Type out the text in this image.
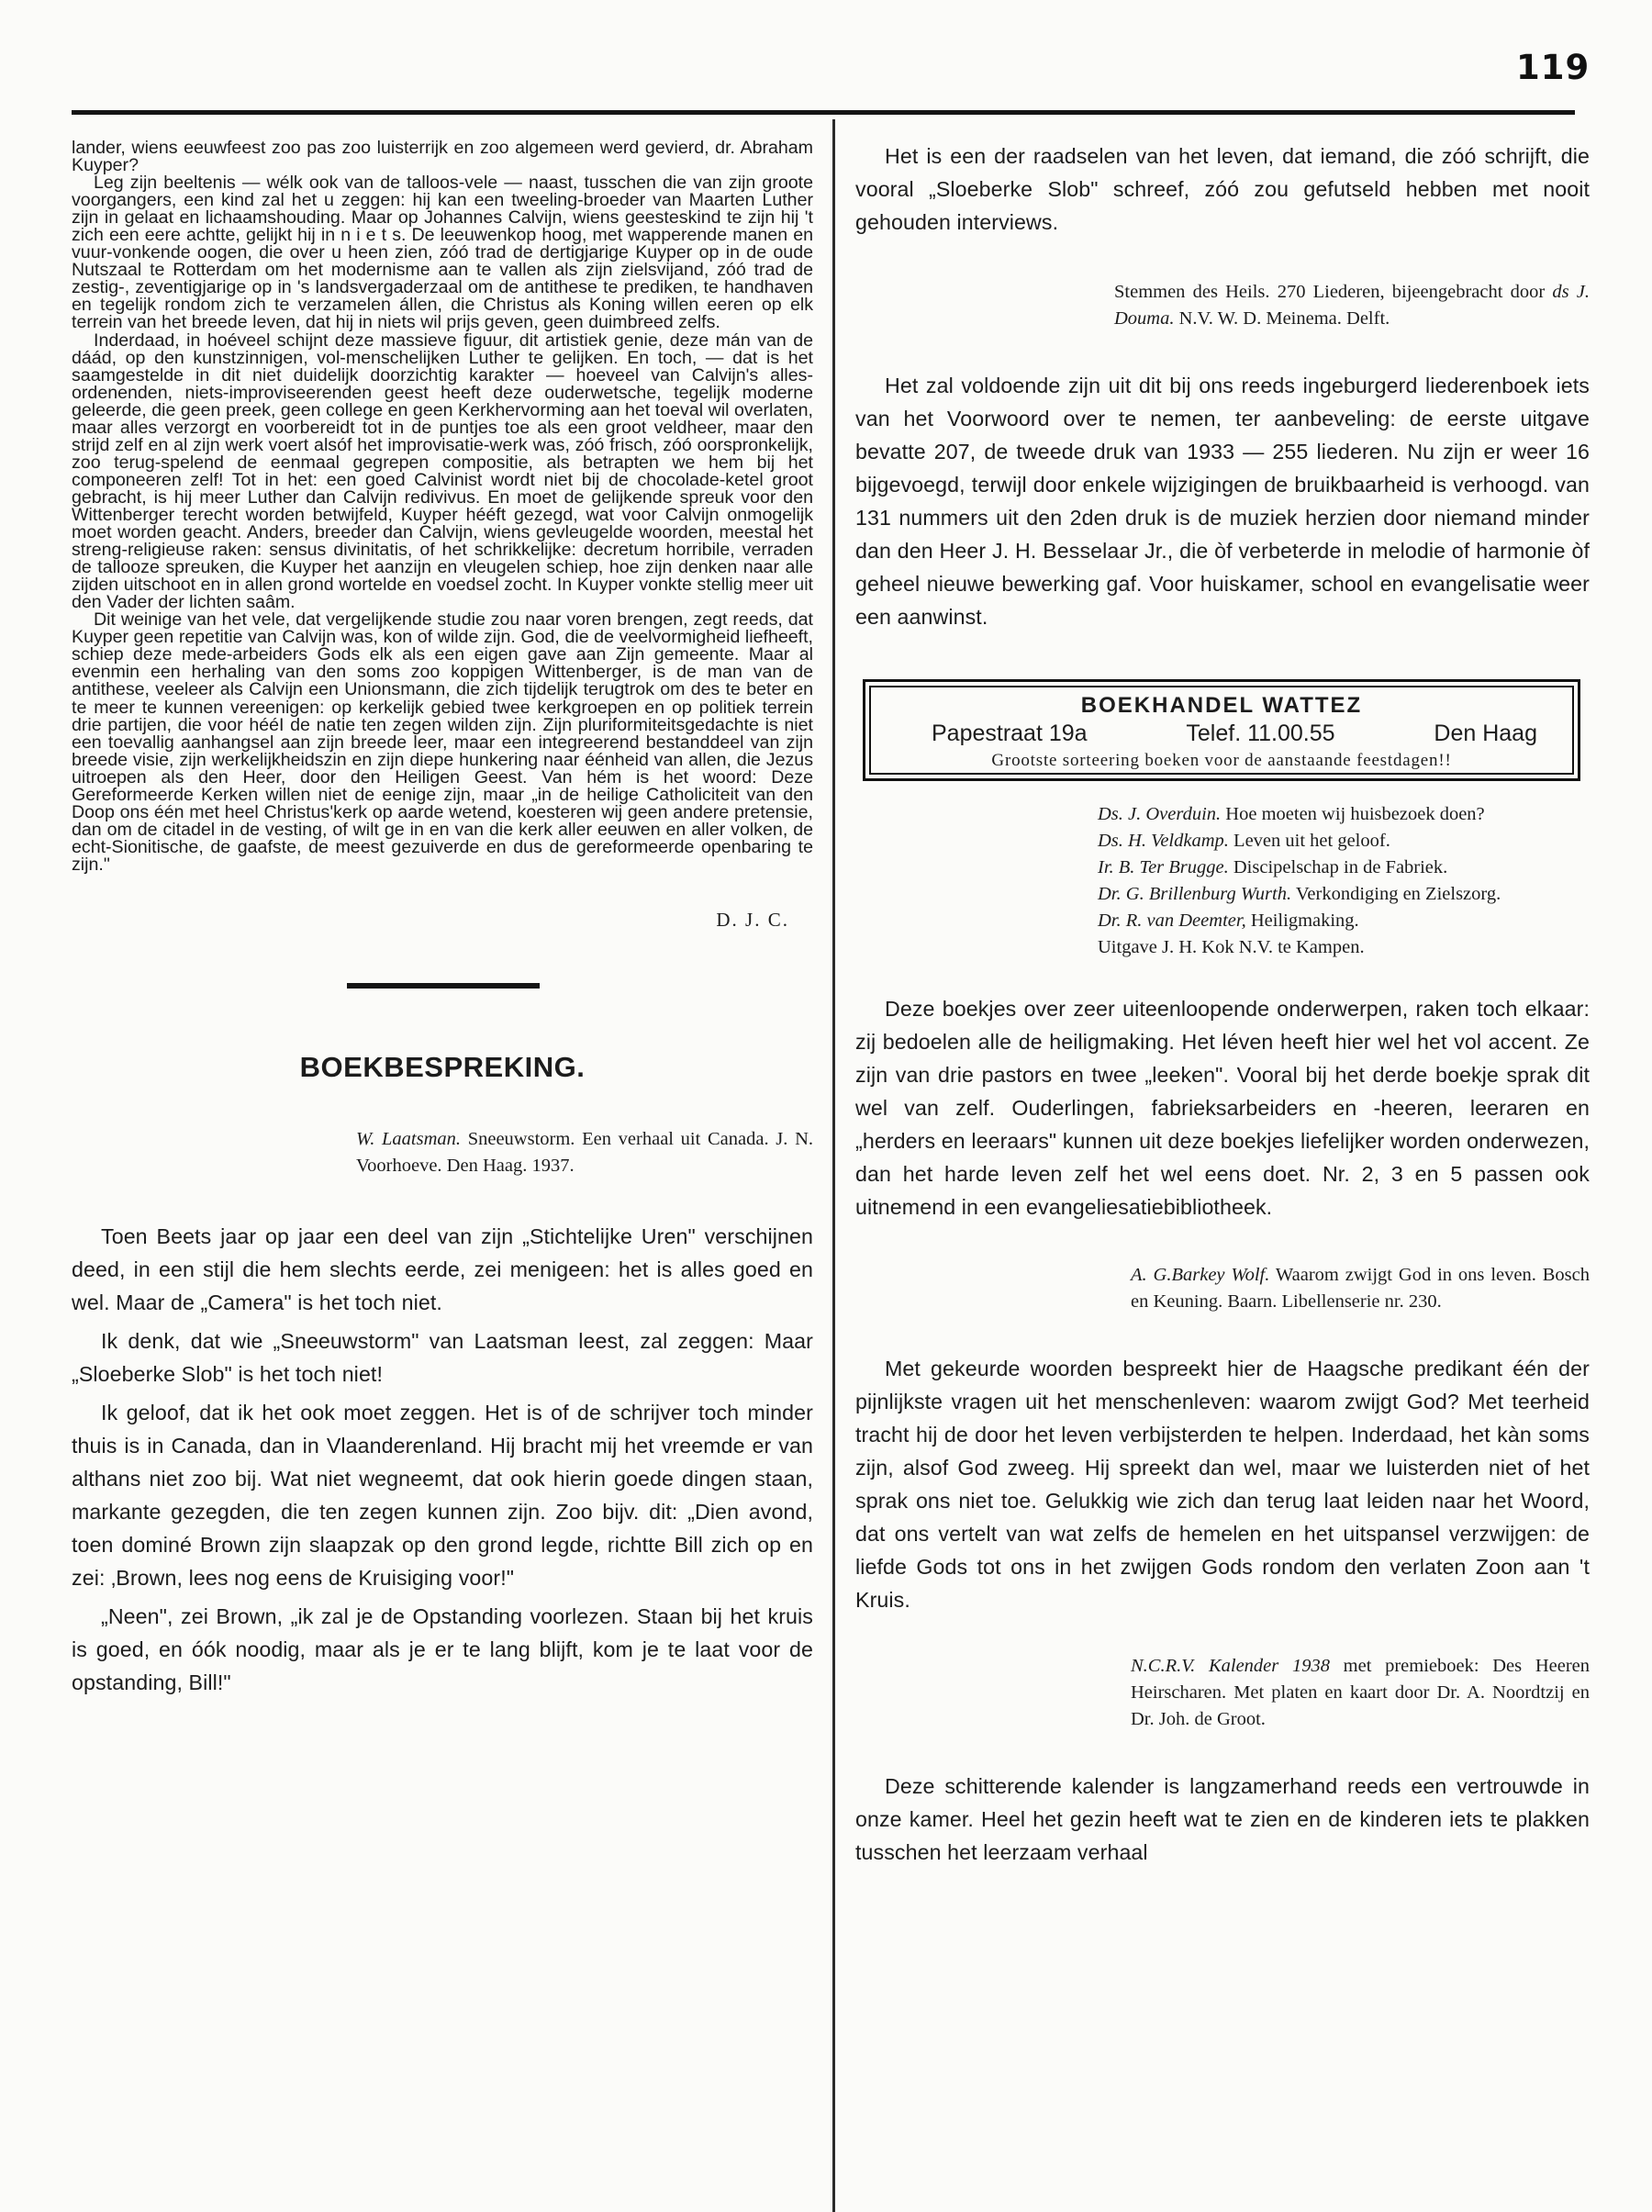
119

lander, wiens eeuwfeest zoo pas zoo luisterrijk en zoo algemeen werd gevierd, dr. Abraham Kuyper?

Leg zijn beeltenis — wélk ook van de talloos-vele — naast, tusschen die van zijn groote voorgangers, een kind zal het u zeggen: hij kan een tweeling-broeder van Maarten Luther zijn in gelaat en lichaamshouding. Maar op Johannes Calvijn, wiens geesteskind te zijn hij 't zich een eere achtte, gelijkt hij in n i e t s. De leeuwenkop hoog, met wapperende manen en vuur-vonkende oogen, die over u heen zien, zóó trad de dertigjarige Kuyper op in de oude Nutszaal te Rotterdam om het modernisme aan te vallen als zijn zielsvijand, zóó trad de zestig-, zeventigjarige op in 's landsvergaderzaal om de antithese te prediken, te handhaven en tegelijk rondom zich te verzamelen állen, die Christus als Koning willen eeren op elk terrein van het breede leven, dat hij in niets wil prijs geven, geen duimbreed zelfs.

Inderdaad, in hoéveel schijnt deze massieve figuur, dit artistiek genie, deze mán van de dáád, op den kunstzinnigen, vol-menschelijken Luther te gelijken. En toch, — dat is het saamgestelde in dit niet duidelijk doorzichtig karakter — hoeveel van Calvijn's alles-ordenenden, niets-improviseerenden geest heeft deze ouderwetsche, tegelijk moderne geleerde, die geen preek, geen college en geen Kerkhervorming aan het toeval wil overlaten, maar alles verzorgt en voorbereidt tot in de puntjes toe als een groot veldheer, maar den strijd zelf en al zijn werk voert alsóf het improvisatie-werk was, zóó frisch, zóó oorspronkelijk, zoo terug-spelend de eenmaal gegrepen compositie, als betrapten we hem bij het componeeren zelf! Tot in het: een goed Calvinist wordt niet bij de chocolade-ketel groot gebracht, is hij meer Luther dan Calvijn redivivus. En moet de gelijkende spreuk voor den Wittenberger terecht worden betwijfeld, Kuyper hééft gezegd, wat voor Calvijn onmogelijk moet worden geacht. Anders, breeder dan Calvijn, wiens gevleugelde woorden, meestal het streng-religieuse raken: sensus divinitatis, of het schrikkelijke: decretum horribile, verraden de tallooze spreuken, die Kuyper het aanzijn en vleugelen schiep, hoe zijn denken naar alle zijden uitschoot en in allen grond wortelde en voedsel zocht. In Kuyper vonkte stellig meer uit den Vader der lichten saâm.

Dit weinige van het vele, dat vergelijkende studie zou naar voren brengen, zegt reeds, dat Kuyper geen repetitie van Calvijn was, kon of wilde zijn. God, die de veelvormigheid liefheeft, schiep deze mede-arbeiders Gods elk als een eigen gave aan Zijn gemeente. Maar al evenmin een herhaling van den soms zoo koppigen Wittenberger, is de man van de antithese, veeleer als Calvijn een Unionsmann, die zich tijdelijk terugtrok om des te beter en te meer te kunnen vereenigen: op kerkelijk gebied twee kerkgroepen en op politiek terrein drie partijen, die voor hééI de natie ten zegen wilden zijn. Zijn pluriformiteitsgedachte is niet een toevallig aanhangsel aan zijn breede leer, maar een integreerend bestanddeel van zijn breede visie, zijn werkelijkheidszin en zijn diepe hunkering naar éénheid van allen, die Jezus uitroepen als den Heer, door den Heiligen Geest. Van hém is het woord: Deze Gereformeerde Kerken willen niet de eenige zijn, maar „in de heilige Catholiciteit van den Doop ons één met heel Christus'kerk op aarde wetend, koesteren wij geen andere pretensie, dan om de citadel in de vesting, of wilt ge in en van die kerk aller eeuwen en aller volken, de echt-Sionitische, de gaafste, de meest gezuiverde en dus de gereformeerde openbaring te zijn."

D. J. C.
BOEKBESPREKING.

W. Laatsman. Sneeuwstorm. Een verhaal uit Canada. J. N. Voorhoeve. Den Haag. 1937.

Toen Beets jaar op jaar een deel van zijn „Stichtelijke Uren" verschijnen deed, in een stijl die hem slechts eerde, zei menigeen: het is alles goed en wel. Maar de „Camera" is het toch niet.

Ik denk, dat wie „Sneeuwstorm" van Laatsman leest, zal zeggen: Maar „Sloeberke Slob" is het toch niet!

Ik geloof, dat ik het ook moet zeggen. Het is of de schrijver toch minder thuis is in Canada, dan in Vlaanderenland. Hij bracht mij het vreemde er van althans niet zoo bij. Wat niet wegneemt, dat ook hierin goede dingen staan, markante gezegden, die ten zegen kunnen zijn. Zoo bijv. dit: „Dien avond, toen dominé Brown zijn slaapzak op den grond legde, richtte Bill zich op en zei: ‚Brown, lees nog eens de Kruisiging voor!"

„Neen", zei Brown, „ik zal je de Opstanding voorlezen. Staan bij het kruis is goed, en óók noodig, maar als je er te lang blijft, kom je te laat voor de opstanding, Bill!"

Het is een der raadselen van het leven, dat iemand, die zóó schrijft, die vooral „Sloeberke Slob" schreef, zóó zou gefutseld hebben met nooit gehouden interviews.

Stemmen des Heils. 270 Liederen, bijeengebracht door ds J. Douma. N.V. W. D. Meinema. Delft.

Het zal voldoende zijn uit dit bij ons reeds ingeburgerd liederenboek iets van het Voorwoord over te nemen, ter aanbeveling: de eerste uitgave bevatte 207, de tweede druk van 1933 — 255 liederen. Nu zijn er weer 16 bijgevoegd, terwijl door enkele wijzigingen de bruikbaarheid is verhoogd. van 131 nummers uit den 2den druk is de muziek herzien door niemand minder dan den Heer J. H. Besselaar Jr., die òf verbeterde in melodie of harmonie òf geheel nieuwe bewerking gaf. Voor huiskamer, school en evangelisatie weer een aanwinst.

BOEKHANDEL WATTEZ
Papestraat 19a	Telef. 11.00.55	Den Haag
Grootste sorteering boeken voor de aanstaande feestdagen!!

Ds. J. Overduin. Hoe moeten wij huisbezoek doen?

Ds. H. Veldkamp. Leven uit het geloof.

Ir. B. Ter Brugge. Discipelschap in de Fabriek.

Dr. G. Brillenburg Wurth. Verkondiging en Zielszorg.

Dr. R. van Deemter, Heiligmaking.

Uitgave J. H. Kok N.V. te Kampen.

Deze boekjes over zeer uiteenloopende onderwerpen, raken toch elkaar: zij bedoelen alle de heiligmaking. Het léven heeft hier wel het vol accent. Ze zijn van drie pastors en twee „leeken". Vooral bij het derde boekje sprak dit wel van zelf. Ouderlingen, fabrieksarbeiders en -heeren, leeraren en „herders en leeraars" kunnen uit deze boekjes liefelijker worden onderwezen, dan het harde leven zelf het wel eens doet. Nr. 2, 3 en 5 passen ook uitnemend in een evangeliesatiebibliotheek.

A. G.Barkey Wolf. Waarom zwijgt God in ons leven. Bosch en Keuning. Baarn. Libellenserie nr. 230.

Met gekeurde woorden bespreekt hier de Haagsche predikant één der pijnlijkste vragen uit het menschenleven: waarom zwijgt God? Met teerheid tracht hij de door het leven verbijsterden te helpen. Inderdaad, het kàn soms zijn, alsof God zweeg. Hij spreekt dan wel, maar we luisterden niet of het sprak ons niet toe. Gelukkig wie zich dan terug laat leiden naar het Woord, dat ons vertelt van wat zelfs de hemelen en het uitspansel verzwijgen: de liefde Gods tot ons in het zwijgen Gods rondom den verlaten Zoon aan 't Kruis.

N.C.R.V. Kalender 1938 met premieboek: Des Heeren Heirscharen. Met platen en kaart door Dr. A. Noordtzij en Dr. Joh. de Groot.

Deze schitterende kalender is langzamerhand reeds een vertrouwde in onze kamer. Heel het gezin heeft wat te zien en de kinderen iets te plakken tusschen het leerzaam verhaal
